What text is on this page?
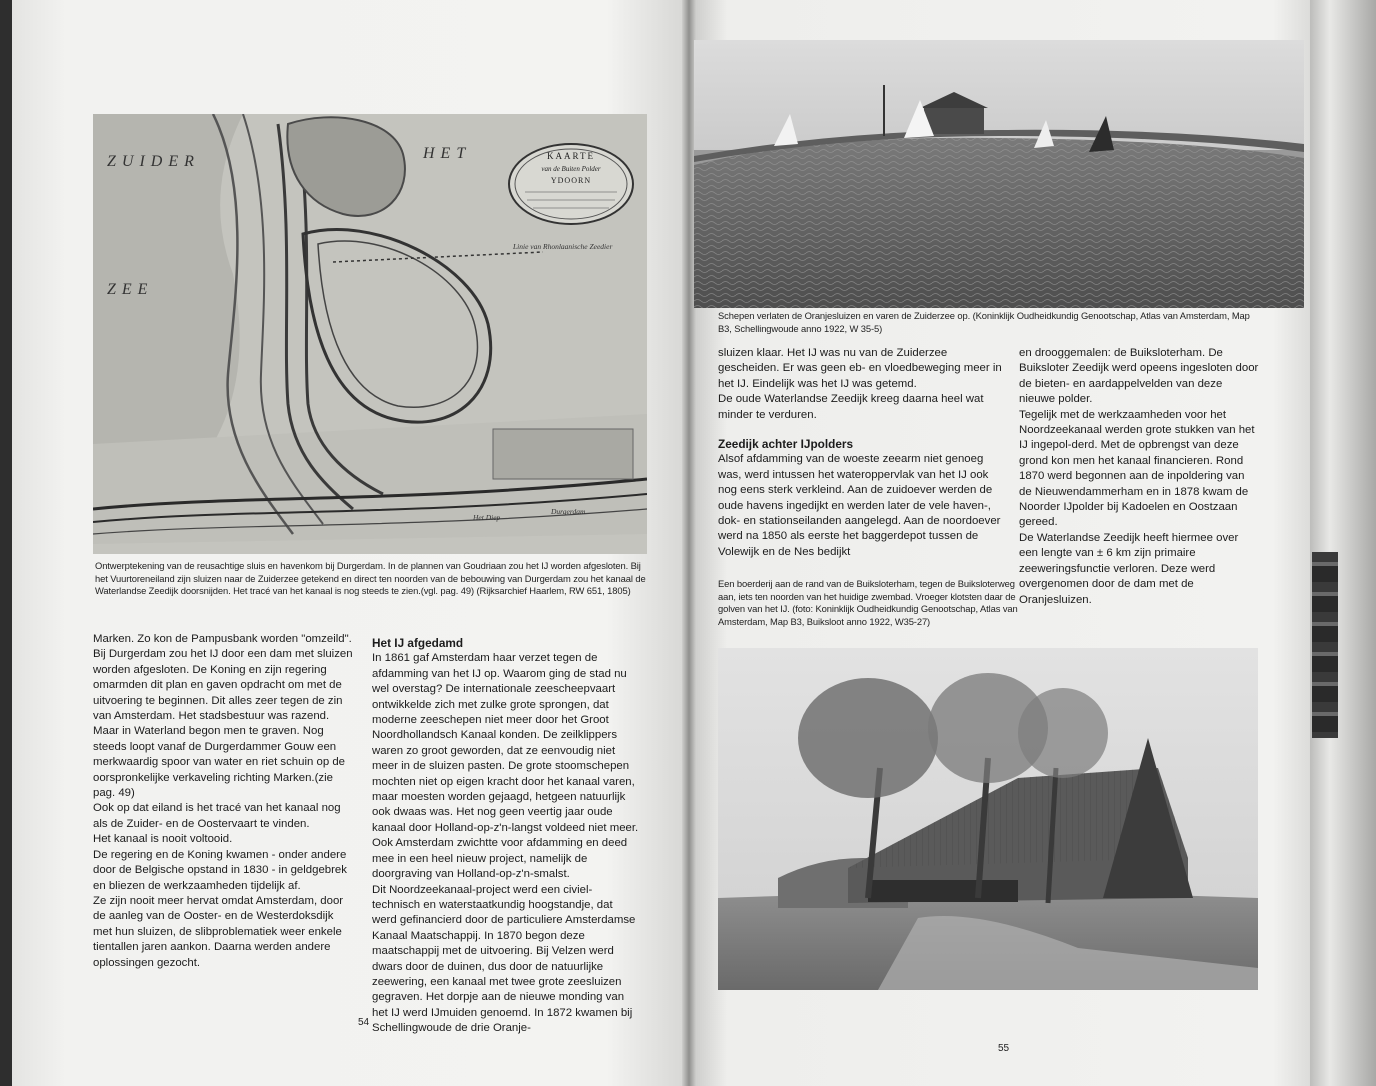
ZUIDER	HET
ZEE
KAARTE
van de Buiten Polder
YDOORN
Linie van Rhonlaanische Zeedier
Het Diep
Durgerdam
Ontwerptekening van de reusachtige sluis en havenkom bij Durgerdam. In de plannen van Goudriaan zou het IJ worden afgesloten. Bij het Vuurtoreneiland zijn sluizen naar de Zuiderzee getekend en direct ten noorden van de bebouwing van Durgerdam zou het kanaal de Waterlandse Zeedijk doorsnijden. Het tracé van het kanaal is nog steeds te zien.(vgl. pag. 49) (Rijksarchief Haarlem, RW 651, 1805)

Marken. Zo kon de Pampusbank worden "omzeild".

Bij Durgerdam zou het IJ door een dam met sluizen worden afgesloten. De Koning en zijn regering omarmden dit plan en gaven opdracht om met de uitvoering te beginnen. Dit alles zeer tegen de zin van Amsterdam. Het stadsbestuur was razend.

Maar in Waterland begon men te graven. Nog steeds loopt vanaf de Durgerdammer Gouw een merkwaardig spoor van water en riet schuin op de oorspronkelijke verkaveling richting Marken.(zie pag. 49)

Ook op dat eiland is het tracé van het kanaal nog als de Zuider- en de Oostervaart te vinden.

Het kanaal is nooit voltooid.

De regering en de Koning kwamen - onder andere door de Belgische opstand in 1830 - in geldgebrek en bliezen de werkzaamheden tijdelijk af.

Ze zijn nooit meer hervat omdat Amsterdam, door de aanleg van de Ooster- en de Westerdoksdijk met hun sluizen, de slibproblematiek weer enkele tientallen jaren aankon. Daarna werden andere oplossingen gezocht.

Het IJ afgedamd

In 1861 gaf Amsterdam haar verzet tegen de afdamming van het IJ op. Waarom ging de stad nu wel overstag? De internationale zeescheepvaart ontwikkelde zich met zulke grote sprongen, dat moderne zeeschepen niet meer door het Groot Noordhollandsch Kanaal konden. De zeilklippers waren zo groot geworden, dat ze eenvoudig niet meer in de sluizen pasten. De grote stoomschepen mochten niet op eigen kracht door het kanaal varen, maar moesten worden gejaagd, hetgeen natuurlijk ook dwaas was. Het nog geen veertig jaar oude kanaal door Holland-op-z'n-langst voldeed niet meer. Ook Amsterdam zwichtte voor afdamming en deed mee in een heel nieuw project, namelijk de doorgraving van Holland-op-z'n-smalst.

Dit Noordzeekanaal-project werd een civiel-technisch en waterstaatkundig hoogstandje, dat werd gefinancierd door de particuliere Amsterdamse Kanaal Maatschappij. In 1870 begon deze maatschappij met de uitvoering. Bij Velzen werd dwars door de duinen, dus door de natuurlijke zeewering, een kanaal met twee grote zeesluizen gegraven. Het dorpje aan de nieuwe monding van het IJ werd IJmuiden genoemd. In 1872 kwamen bij Schellingwoude de drie Oranje-

54
Schepen verlaten de Oranjesluizen en varen de Zuiderzee op. (Koninklijk Oudheidkundig Genootschap, Atlas van Amsterdam, Map B3, Schellingwoude anno 1922, W 35-5)

sluizen klaar. Het IJ was nu van de Zuiderzee gescheiden. Er was geen eb- en vloedbeweging meer in het IJ. Eindelijk was het IJ was getemd.

De oude Waterlandse Zeedijk kreeg daarna heel wat minder te verduren.

Zeedijk achter IJpolders

Alsof afdamming van de woeste zeearm niet genoeg was, werd intussen het wateroppervlak van het IJ ook nog eens sterk verkleind. Aan de zuidoever werden de oude havens ingedijkt en werden later de vele haven-, dok- en stationseilanden aangelegd. Aan de noordoever werd na 1850 als eerste het baggerdepot tussen de Volewijk en de Nes bedijkt

en drooggemalen: de Buiksloterham. De Buiksloter Zeedijk werd opeens ingesloten door de bieten- en aardappelvelden van deze nieuwe polder.

Tegelijk met de werkzaamheden voor het Noordzeekanaal werden grote stukken van het IJ ingepol-derd. Met de opbrengst van deze grond kon men het kanaal financieren. Rond 1870 werd begonnen aan de inpoldering van de Nieuwendammerham en in 1878 kwam de Noorder IJpolder bij Kadoelen en Oostzaan gereed.

De Waterlandse Zeedijk heeft hiermee over een lengte van ± 6 km zijn primaire zeeweringsfunctie verloren. Deze werd overgenomen door de dam met de Oranjesluizen.

Een boerderij aan de rand van de Buiksloterham, tegen de Buiksloterweg aan, iets ten noorden van het huidige zwembad. Vroeger klotsten daar de golven van het IJ. (foto: Koninklijk Oudheidkundig Genootschap, Atlas van Amsterdam, Map B3, Buiksloot anno 1922, W35-27)
55
